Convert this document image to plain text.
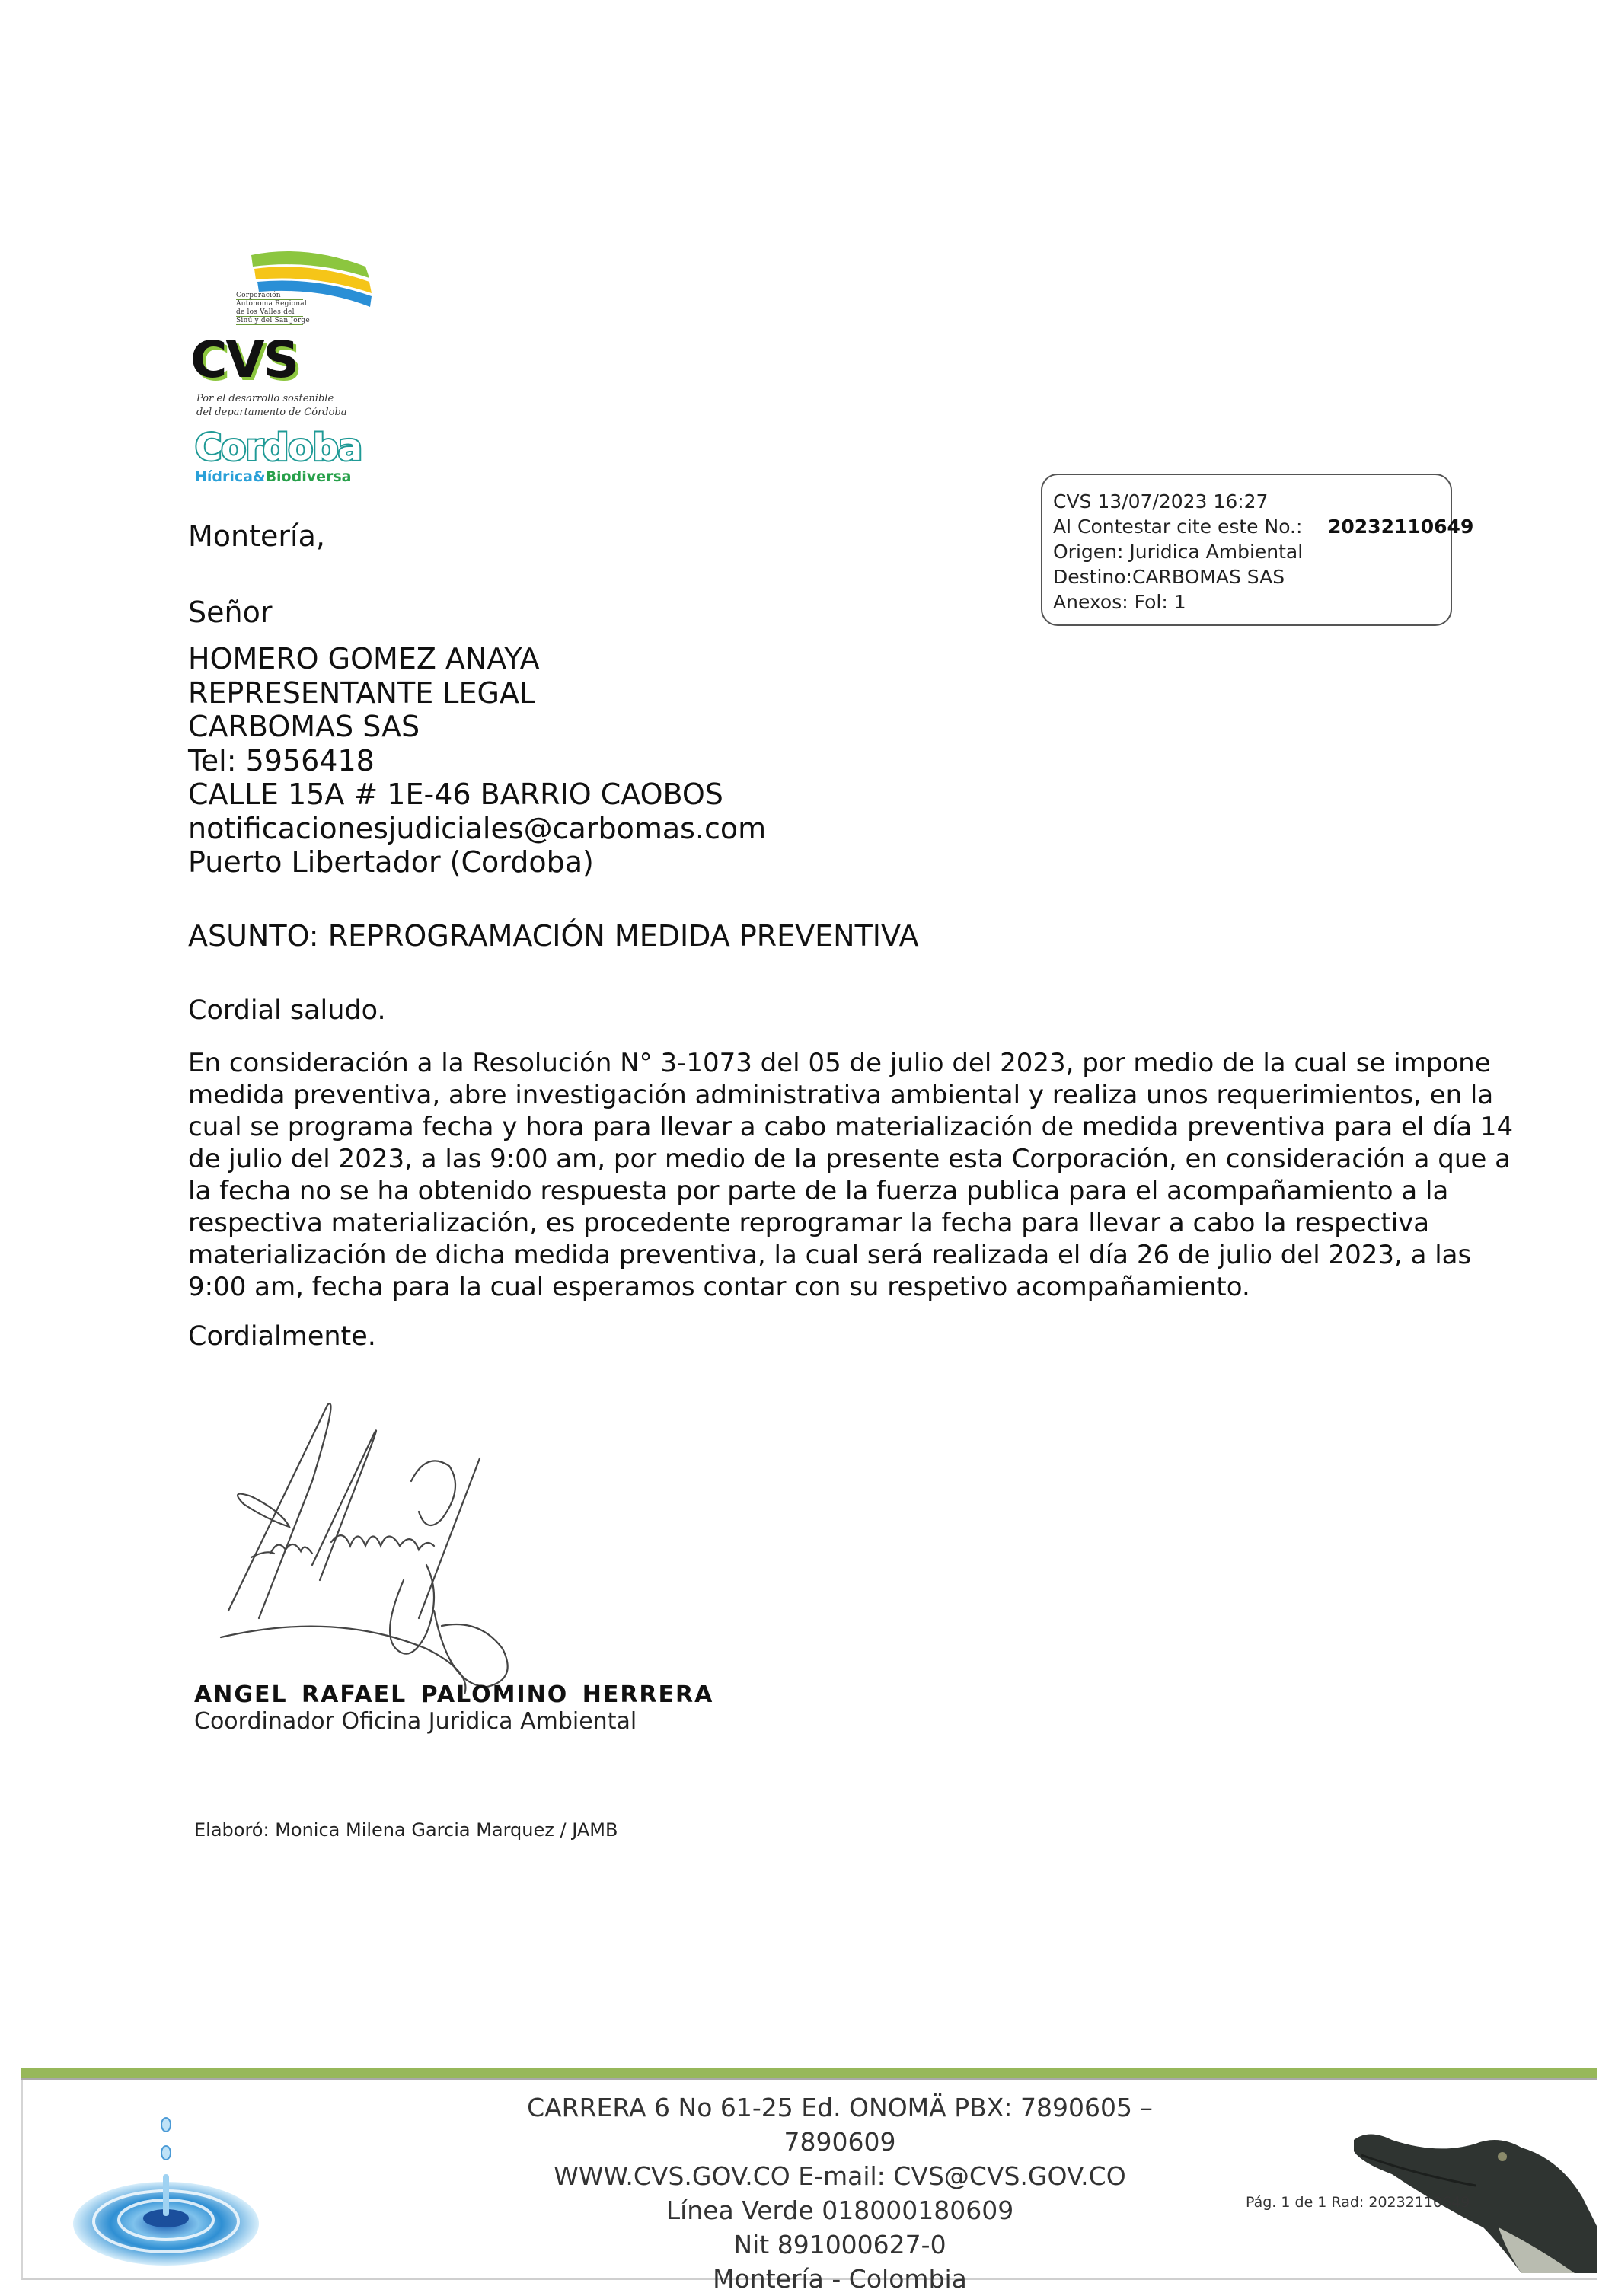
Corporación
Autónoma Regional
de los Valles del
Sinú y del San Jorge
CVS
Por el desarrollo sostenible
del departamento de Córdoba
Cordoba
Hídrica&Biodiversa
CVS 13/07/2023 16:27
Al Contestar cite este No.:
Origen: Juridica Ambiental
Destino:CARBOMAS SAS
Anexos: Fol: 1
20232110649
Montería,
Señor
HOMERO GOMEZ ANAYA
REPRESENTANTE LEGAL
CARBOMAS SAS
Tel: 5956418
CALLE 15A # 1E-46 BARRIO CAOBOS
notificacionesjudiciales@carbomas.com
Puerto Libertador (Cordoba)
ASUNTO: REPROGRAMACIÓN MEDIDA PREVENTIVA
Cordial saludo.
En consideración a la Resolución N° 3-1073 del 05 de julio del 2023, por medio de la cual se impone
medida preventiva, abre investigación administrativa ambiental y realiza unos requerimientos, en la
cual se programa fecha y hora para llevar a cabo materialización de medida preventiva para el día 14
de julio del 2023, a las 9:00 am, por medio de la presente esta Corporación, en consideración a que a
la fecha no se ha obtenido respuesta por parte de la fuerza publica para el acompañamiento a la
respectiva materialización, es procedente reprogramar la fecha para llevar a cabo la respectiva
materialización de dicha medida preventiva, la cual será realizada el día 26 de julio del 2023, a las
9:00 am, fecha para la cual esperamos contar con su respetivo acompañamiento.
Cordialmente.
ANGEL RAFAEL PALOMINO HERRERA
Coordinador Oficina Juridica Ambiental
Elaboró: Monica Milena Garcia Marquez / JAMB
CARRERA 6 No 61-25 Ed. ONOMÄ PBX: 7890605 – 7890609
WWW.CVS.GOV.CO E-mail: CVS@CVS.GOV.CO
Línea Verde 018000180609
Nit 891000627-0
Montería - Colombia
Pág. 1 de 1 Rad: 20232110649
